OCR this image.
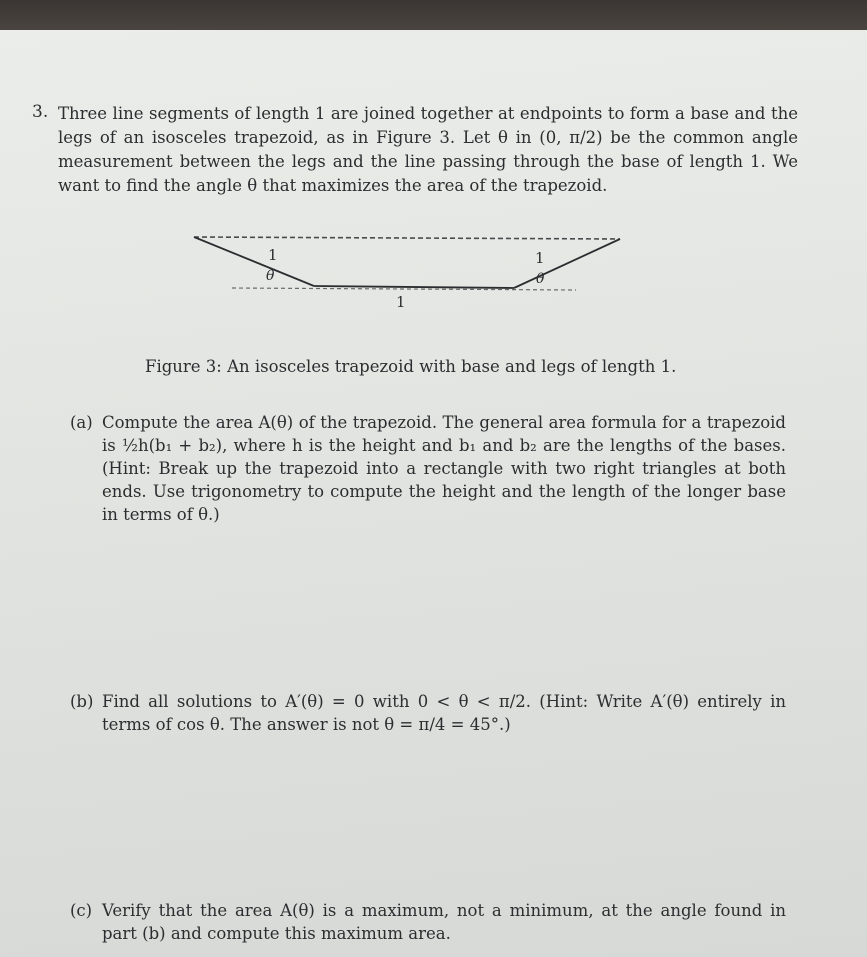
3. Three line segments of length 1 are joined together at endpoints to form a base and the legs of an isosceles trapezoid, as in Figure 3. Let θ in (0, π/2) be the common angle measurement between the legs and the line passing through the base of length 1. We want to find the angle θ that maximizes the area of the trapezoid.
1
θ
1
θ
1
Figure 3: An isosceles trapezoid with base and legs of length 1.
(a) Compute the area A(θ) of the trapezoid. The general area formula for a trapezoid is ½h(b₁ + b₂), where h is the height and b₁ and b₂ are the lengths of the bases. (Hint: Break up the trapezoid into a rectangle with two right triangles at both ends. Use trigonometry to compute the height and the length of the longer base in terms of θ.)
(b) Find all solutions to A′(θ) = 0 with 0 < θ < π/2. (Hint: Write A′(θ) entirely in terms of cos θ. The answer is not θ = π/4 = 45°.)
(c) Verify that the area A(θ) is a maximum, not a minimum, at the angle found in part (b) and compute this maximum area.
